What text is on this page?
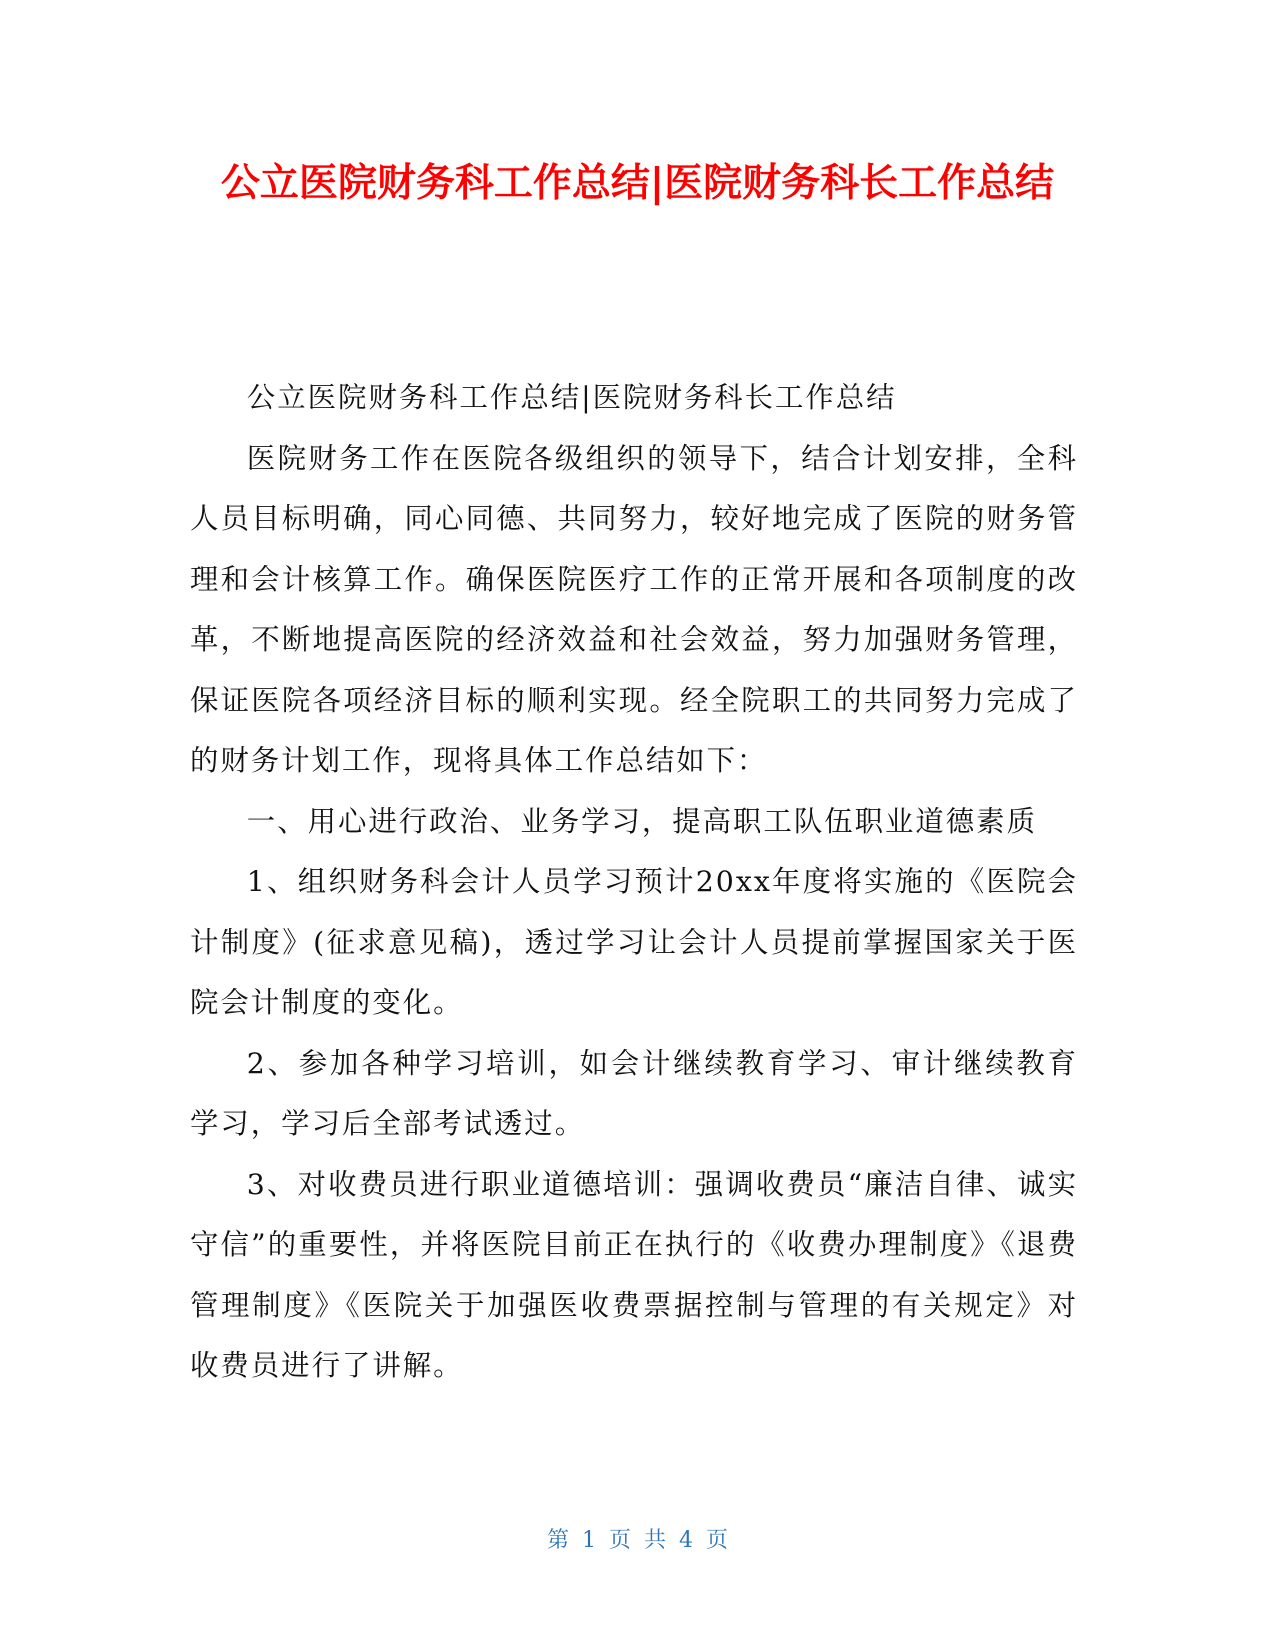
公立医院财务科工作总结|医院财务科长工作总结

公立医院财务科工作总结|医院财务科长工作总结

医院财务工作在医院各级组织的领导下，结合计划安排，全科人员目标明确，同心同德、共同努力，较好地完成了医院的财务管理和会计核算工作。确保医院医疗工作的正常开展和各项制度的改革，不断地提高医院的经济效益和社会效益，努力加强财务管理，保证医院各项经济目标的顺利实现。经全院职工的共同努力完成了的财务计划工作，现将具体工作总结如下：

一、用心进行政治、业务学习，提高职工队伍职业道德素质

1、组织财务科会计人员学习预计20xx年度将实施的《医院会计制度》(征求意见稿)，透过学习让会计人员提前掌握国家关于医院会计制度的变化。

2、参加各种学习培训，如会计继续教育学习、审计继续教育学习，学习后全部考试透过。

3、对收费员进行职业道德培训：强调收费员“廉洁自律、诚实守信”的重要性，并将医院目前正在执行的《收费办理制度》《退费管理制度》《医院关于加强医收费票据控制与管理的有关规定》对收费员进行了讲解。

第 1 页 共 4 页
